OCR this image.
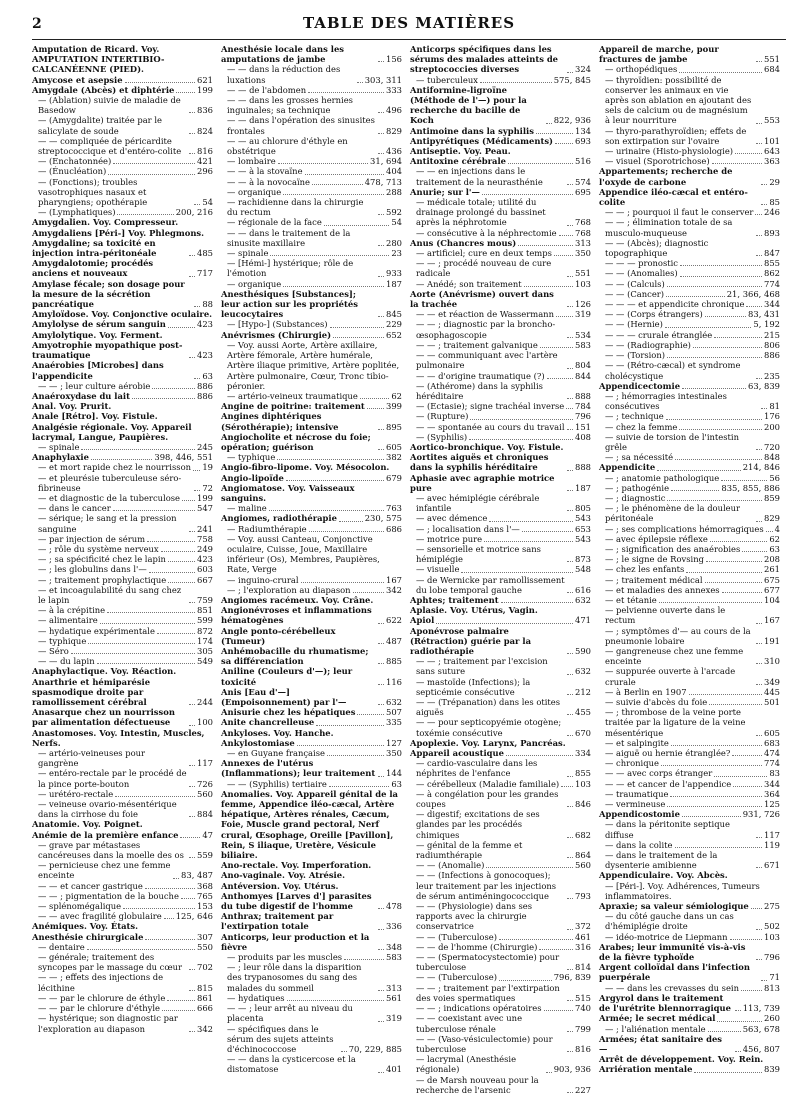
2	TABLE DES MATIÈRES
Amputation de Ricard. Voy. AMPUTATION INTERTIBIO-CALCANÉENNE (PIED).
Amycose et asepsie	621
Amygdale (Abcès) et diphtérie	199
— (Ablation) suivie de maladie de Basedow	836
— (Amygdalite) traitée par le salicylate de soude	824
— — compliquée de péricardite streptococcique et d'entéro-colite	816
— (Enchatonnée)	421
— (Énucléation)	296
— (Fonctions); troubles vasotrophiques nasaux et pharyngiens; opothérapie	54
— (Lymphatiques)	200, 216
Amygdalien. Voy. Compresseur.
Amygdaliens [Péri-] Voy. Phlegmons.
Amygdaline; sa toxicité en injection intra-péritonéale	485
Amygdalotomie; procédés anciens et nouveaux	717
Amylase fécale; son dosage pour la mesure de la sécrétion pancréatique	88
Amyloïdose. Voy. Conjonctive oculaire.
Amylolyse de sérum sanguin	423
Amylolytique. Voy. Ferment.
Amyotrophie myopathique post-traumatique	423
Anaérobies [Microbes] dans l'appendicite	63
— — ; leur culture aérobie	886
Anaéroxydase du lait	886
Anal. Voy. Prurit.
Anale [Rétro]. Voy. Fistule.
Analgésie régionale. Voy. Appareil lacrymal, Langue, Paupières.
— spinale	245
Anaphylaxie	398, 446, 551
— et mort rapide chez le nourrisson 19
— et pleurésie tuberculeuse séro-fibrineuse	72
— et diagnostic de la tuberculose 199
— dans le cancer	547
— sérique; le sang et la pression sanguine	241
— par injection de sérum	758
— ; rôle du système nerveux	249
— ; sa spécificité chez le lapin	423
— ; les globulins dans l'—	603
— ; traitement prophylactique	667
— et incoagulabilité du sang chez le lapin	759
— à la crépitine	851
— alimentaire	599
— hydatique expérimentale	872
— typhique	174
— Séro	305
— — du lapin	549
Anaphylactique. Voy. Réaction.
Anarthrie et hémiparésie spasmodique droite par ramollissement cérébral	244
Anasarque chez un nourrisson par alimentation défectueuse	100
Anastomoses. Voy. Intestin, Muscles, Nerfs.
— artério-veineuses pour gangrène	117
— entéro-rectale par le procédé de la pince porte-bouton	726
— urétéro-rectale	560
— veineuse ovario-mésentérique dans la cirrhose du foie	884
Anatomie. Voy. Poignet.
Anémie de la première enfance	47
— grave par métastases cancéreuses dans la moelle des os	559
— pernicieuse chez une femme enceinte	83, 487
— — et cancer gastrique	368
— — ; pigmentation de la bouche 765
— splénomégalique	153
— — avec fragilité globulaire 125, 646
Anémiques. Voy. États.
Anesthésie chirurgicale	307
— dentaire	550
— générale; traitement des syncopes par le massage du cœur	702
— — ; effets des injections de lécithine	815
— — par le chlorure de éthyle	861
— — par le chlorure d'éthyle	666
— hystérique; son diagnostic par l'exploration au diapason	342
Anesthésie locale dans les amputations de jambe	156
— — dans la réduction des luxations	303, 311
— — de l'abdomen	333
— — dans les grosses hernies inguinales; sa technique	496
— — dans l'opération des sinusites frontales	829
— — au chlorure d'éthyle en obstétrique	436
— lombaire	31, 694
— — à la stovaïne	404
— — à la novocaïne	478, 713
— organique	288
— rachidienne dans la chirurgie du rectum	592
— régionale de la face	54
— — dans le traitement de la sinusite maxillaire	280
— spinale	23
— [Hémi-] hystérique; rôle de l'émotion	933
— organique	187
Anesthésiques [Substances]; leur action sur les propriétés leucocytaires	845
— [Hypo-] (Substances)	229
Anévrismes (Chirurgie)	652
— Voy. aussi Aorte, Artère axillaire, Artère fémorale, Artère humérale, Artère iliaque primitive, Artère poplitée, Artère pulmonaire, Cœur, Tronc tibio-péronier.
— artério-veineux traumatique	62
Angine de poitrine: traitement	399
Angines diphtériques (Sérothérapie); intensive	895
Angiocholite et nécrose du foie; opération; guérison	605
— typhique	382
Angio-fibro-lipome. Voy. Mésocolon.
Angio-lipoïde	679
Angiomatose. Voy. Vaisseaux sanguins.
— maline	763
Angiomes, radiothérapie	230, 575
— Radiumthérapie	686
— Voy. aussi Canteau, Conjonctive oculaire, Cuisse, Joue, Maxillaire inférieur (Os), Membres, Paupières, Rate, Verge
— inguino-crural	167
— ; l'exploration au diapason	342
Angiomes racémeux. Voy. Crâne.
Angionévroses et inflammations hématogènes	622
Angle ponto-cérébelleux (Tumeur)	487
Anhémobacille du rhumatisme; sa différenciation	885
Aniline (Couleurs d'—); leur toxicité	116
Anis [Eau d'—] (Empoisonnement) par l'—	632
Anisurie chez les hépatiques	507
Anite chancrelleuse	335
Ankyloses. Voy. Hanche.
Ankylostomiase	127
— en Guyane française	350
Annexes de l'utérus (Inflammations); leur traitement 144
— — (Syphilis) tertiaire	63
Anomalies. Voy. Appareil génital de la femme, Appendice iléo-cæcal, Artère hépatique, Artères rénales, Cæcum, Foie, Muscle grand pectoral, Nerf crural, Œsophage, Oreille [Pavillon], Rein, S iliaque, Uretère, Vésicule biliaire.
Ano-rectale. Voy. Imperforation.
Ano-vaginale. Voy. Atrésie.
Antéversion. Voy. Utérus.
Anthomyes [Larves d'] parasites du tube digestif de l'homme	478
Anthrax; traitement par l'extirpation totale	336
Anticorps, leur production et la fièvre	348
— produits par les muscles	583
— ; leur rôle dans la disparition des trypanosomes du sang des malades du sommeil	313
— hydatiques	561
— — ; leur arrêt au niveau du placenta	319
— spécifiques dans le sérum des sujets atteints d'échinococcose	70, 229, 885
— — dans la cysticercose et la distomatose	401
Anticorps spécifiques dans les sérums des malades atteints de streptococcies diverses	324
— tuberculeux	575, 845
Antiformine-ligroïne (Méthode de l'—) pour la recherche du bacille de Koch	822, 936
Antimoine dans la syphilis	134
Antipyrétiques (Médicaments)	693
Antiseptie. Voy. Peau.
Antitoxine cérébrale	516
— — en injections dans le traitement de la neurasthénie	574
Anurie; sur l'—	695
— médicale totale; utilité du drainage prolongé du bassinet après la néphrotomie	768
— consécutive à la néphrectomie 768
Anus (Chancres mous)	313
— artificiel; cure en deux temps	350
— — ; procédé nouveau de cure radicale	551
— Anédé; son traitement	103
Aorte (Anévrisme) ouvert dans la trachée	126
— — et réaction de Wassermann	319
— — ; diagnostic par la broncho-œsophagoscopie	534
— — ; traitement galvanique	583
— — communiquant avec l'artère pulmonaire	804
— — d'origine traumatique (?)	844
— (Athérome) dans la syphilis héréditaire	888
— (Ectasie); signe trachéal inverse 784
— (Rupture)	796
— — spontanée au cours du travail 151
— (Syphilis)	408
Aortico-bronchique. Voy. Fistule.
Aortites aiguës et chroniques dans la syphilis héréditaire	888
Aphasie avec agraphie motrice pure	187
— avec hémiplégie cérébrale infantile	805
— avec démence	543
— ; localisation dans l'—	653
— motrice pure	543
— sensorielle et motrice sans hémiplégie	873
— visuelle	548
— de Wernicke par ramollissement du lobe temporal gauche	616
Aphtes; traitement	632
Aplasie. Voy. Utérus, Vagin.
Apiol	471
Aponévrose palmaire (Rétraction) guérie par la radiothérapie	590
— — ; traitement par l'excision sans suture	632
— mastoïde (Infections); la septicémie consécutive	212
— — (Trépanation) dans les otites aiguës	455
— — pour septicopyémie otogène; toxémie consécutive	670
Apoplexie. Voy. Larynx, Pancréas.
Appareil acoustique	334
— cardio-vasculaire dans les néphrites de l'enfance	855
— cérébelleux (Maladie familiale) 103
— à congélation pour les grandes coupes	846
— digestif; excitations de ses glandes par les procédés chimiques	682
— génital de la femme et radiumthérapie	864
— — (Anomalie)	560
— — (Infections à gonocoques); leur traitement par les injections de sérum antiméningococcique	793
— — (Physiologie) dans ses rapports avec la chirurgie conservatrice	372
— — (Tuberculose)	461
— — de l'homme (Chirurgie)	316
— — (Spermatocystectomie) pour tuberculose	814
— — (Tuberculose)	796, 839
— — ; traitement par l'extirpation des voies spermatiques	515
— — ; indications opératoires	740
— — coexistant avec une tuberculose rénale	799
— — (Vaso-vésiculectomie) pour tuberculose	816
— lacrymal (Anesthésie régionale)	903, 936
— de Marsh nouveau pour la recherche de l'arsenic	227
Appareil de marche, pour fractures de jambe	551
— orthopédiques	684
— thyroïdien: possibilité de conserver les animaux en vie après son ablation en ajoutant des sels de calcium ou de magnésium à leur nourriture	553
— thyro-parathyroïdien; effets de son extirpation sur l'ovaire	101
— urinaire (Histo-physiologie)	643
— visuel (Sporotrichose)	363
Appartements; recherche de l'oxyde de carbone	29
Appendice iléo-cæcal et entéro-colite	85
— — ; pourquoi il faut le conserver 246
— — ; élimination totale de sa musculo-muqueuse	893
— — (Abcès); diagnostic topographique	847
— — — pronostic	855
— — (Anomalies)	862
— — (Calculs)	774
— — (Cancer)	21, 366, 468
— — — et appendicite chronique 344
— — (Corps étrangers)	83, 431
— — (Hernie)	5, 192
— — — crurale étranglée	215
— — (Radiographie)	806
— — (Torsion)	886
— — (Rétro-cæcal) et syndrome cholécystique	235
Appendicectomie	63, 839
— ; hémorragies intestinales consécutives	81
— ; technique	176
— chez la femme	200
— suivie de torsion de l'intestin grêle	720
— ; sa nécessité	848
Appendicite	214, 846
— ; anatomie pathologique	56
— ; pathogénie	835, 855, 886
— ; diagnostic	859
— ; le phénomène de la douleur péritonéale	829
— ; ses complications hémorragiques 4
— avec épilepsie réflexe	62
— ; signification des anaérobies	63
— ; le signe de Rovsing	208
— chez les enfants	261
— ; traitement médical	675
— et maladies des annexes	677
— et tétanie	104
— pelvienne ouverte dans le rectum	167
— ; symptômes d'— au cours de la pneumonie lobaire	191
— gangreneuse chez une femme enceinte	310
— suppurée ouverte à l'arcade crurale	349
— à Berlin en 1907	445
— suivie d'abcès du foie	501
— ; thrombose de la veine porte traitée par la ligature de la veine mésentérique	605
— et salpingite	683
— aiguë ou hernie étranglée?	474
— chronique	774
— — avec corps étranger	83
— — et cancer de l'appendice	344
— traumatique	364
— vermineuse	125
Appendicostomie	931, 726
— dans la péritonite septique diffuse	117
— dans la colite	119
— dans le traitement de la dysenterie amibienne	671
Appendiculaire. Voy. Abcès.
— [Péri-]. Voy. Adhérences, Tumeurs inflammatoires.
Apraxie; sa valeur sémiologique 275
— du côté gauche dans un cas d'hémiplégie droite	502
— idéo-motrice de Liepmann	103
Arabes; leur immunité vis-à-vis de la fièvre typhoïde	796
Argent colloïdal dans l'infection puerpérale	71
— — dans les crevasses du sein	813
Argyrol dans le traitement de l'urétrite blennorragique 113, 739
Armée; le secret médical	260
— ; l'aliénation mentale	563, 678
Armées; état sanitaire des —	456, 807
Arrêt de développement. Voy. Rein.
Arriération mentale	839
